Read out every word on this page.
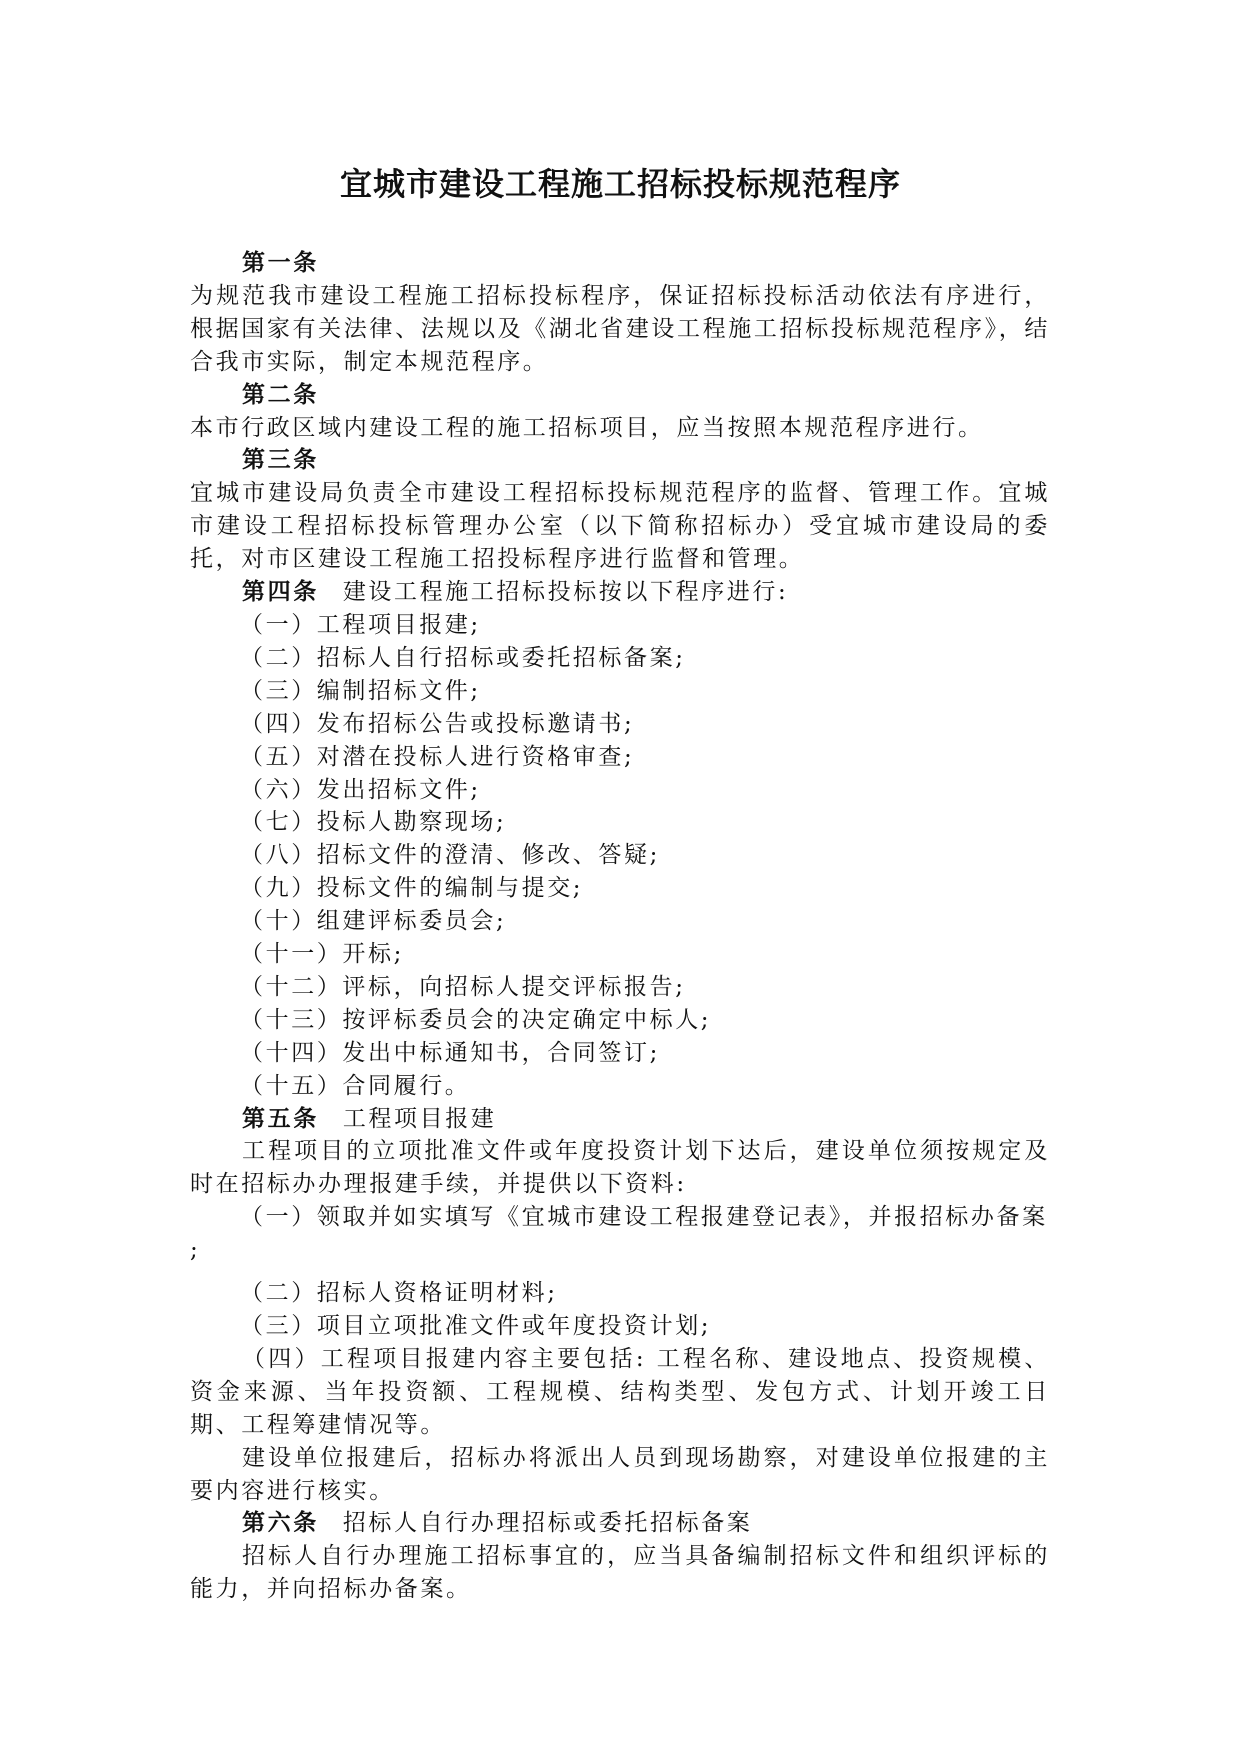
宜城市建设工程施工招标投标规范程序

第一条

为规范我市建设工程施工招标投标程序，保证招标投标活动依法有序进行，根据国家有关法律、法规以及《湖北省建设工程施工招标投标规范程序》，结合我市实际，制定本规范程序。

第二条

本市行政区域内建设工程的施工招标项目，应当按照本规范程序进行。

第三条

宜城市建设局负责全市建设工程招标投标规范程序的监督、管理工作。宜城市建设工程招标投标管理办公室（以下简称招标办）受宜城市建设局的委托，对市区建设工程施工招投标程序进行监督和管理。

第四条 建设工程施工招标投标按以下程序进行:

（一）工程项目报建;

（二）招标人自行招标或委托招标备案;

（三）编制招标文件;

（四）发布招标公告或投标邀请书;

（五）对潜在投标人进行资格审查;

（六）发出招标文件;

（七）投标人勘察现场;

（八）招标文件的澄清、修改、答疑;

（九）投标文件的编制与提交;

（十）组建评标委员会;

（十一）开标;

（十二）评标，向招标人提交评标报告;

（十三）按评标委员会的决定确定中标人;

（十四）发出中标通知书，合同签订;

（十五）合同履行。

第五条 工程项目报建

工程项目的立项批准文件或年度投资计划下达后，建设单位须按规定及时在招标办办理报建手续，并提供以下资料:

（一）领取并如实填写《宜城市建设工程报建登记表》，并报招标办备案

;

（二）招标人资格证明材料;

（三）项目立项批准文件或年度投资计划;

（四）工程项目报建内容主要包括: 工程名称、建设地点、投资规模、资金来源、当年投资额、工程规模、结构类型、发包方式、计划开竣工日期、工程筹建情况等。

建设单位报建后，招标办将派出人员到现场勘察，对建设单位报建的主要内容进行核实。

第六条 招标人自行办理招标或委托招标备案

招标人自行办理施工招标事宜的，应当具备编制招标文件和组织评标的能力，并向招标办备案。
